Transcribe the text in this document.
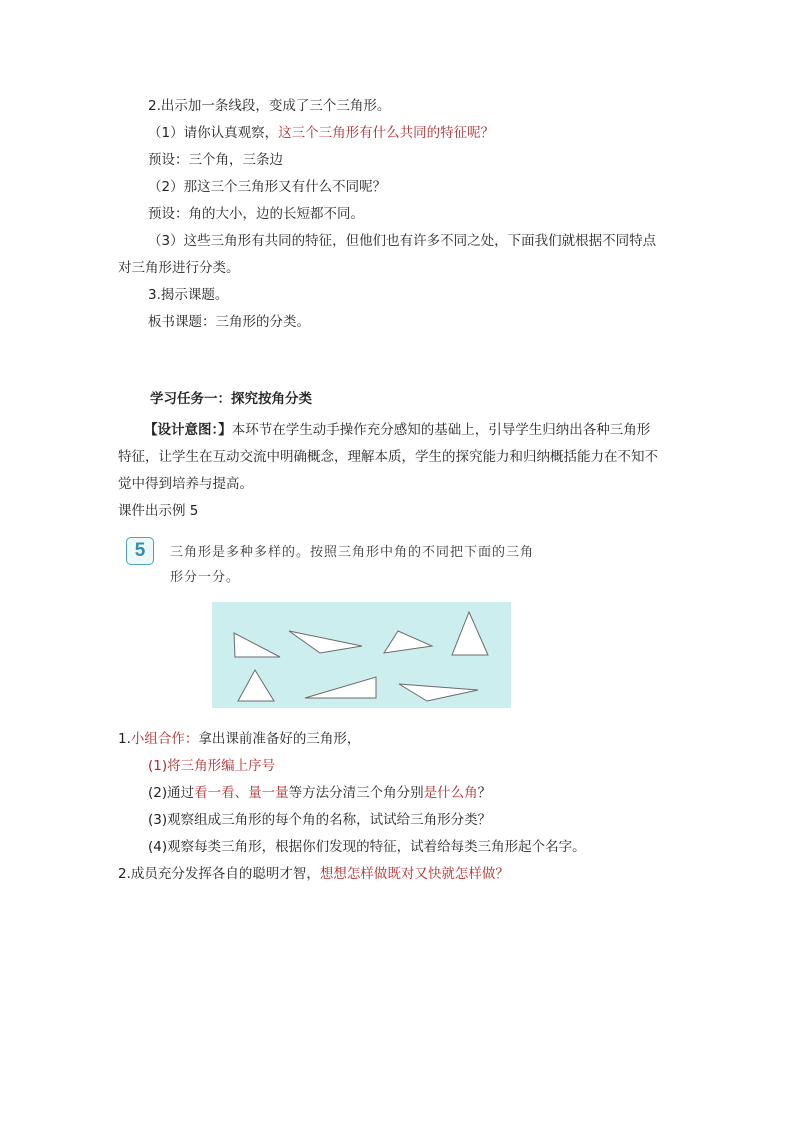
2.出示加一条线段，变成了三个三角形。
（1）请你认真观察，这三个三角形有什么共同的特征呢？
预设：三个角，三条边
（2）那这三个三角形又有什么不同呢？
预设：角的大小，边的长短都不同。
（3）这些三角形有共同的特征，但他们也有许多不同之处，下面我们就根据不同特点
对三角形进行分类。
3.揭示课题。
板书课题：三角形的分类。
学习任务一：探究按角分类
【设计意图：】本环节在学生动手操作充分感知的基础上，引导学生归纳出各种三角形
特征，让学生在互动交流中明确概念，理解本质，学生的探究能力和归纳概括能力在不知不
觉中得到培养与提高。
课件出示例 5
5	三角形是多种多样的。按照三角形中角的不同把下面的三角
形分一分。
1.小组合作：拿出课前准备好的三角形，
(1)将三角形编上序号
(2)通过看一看、量一量等方法分清三个角分别是什么角？
(3)观察组成三角形的每个角的名称，试试给三角形分类？
(4)观察每类三角形，根据你们发现的特征，试着给每类三角形起个名字。
2.成员充分发挥各自的聪明才智，想想怎样做既对又快就怎样做？
